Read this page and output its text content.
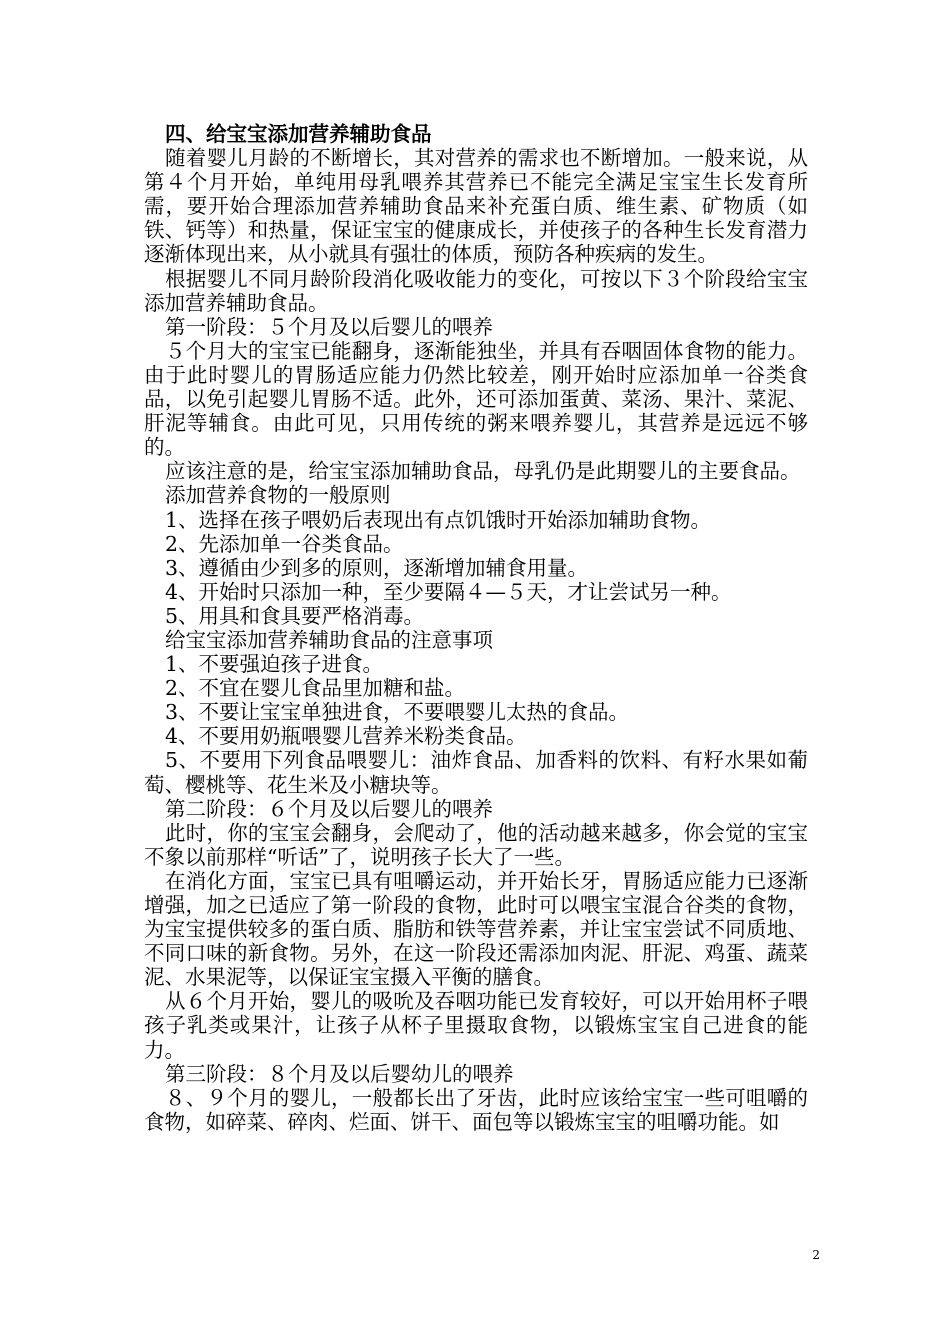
四、给宝宝添加营养辅助食品

随着婴儿月龄的不断增长，其对营养的需求也不断增加。一般来说，从第４个月开始，单纯用母乳喂养其营养已不能完全满足宝宝生长发育所需，要开始合理添加营养辅助食品来补充蛋白质、维生素、矿物质（如铁、钙等）和热量，保证宝宝的健康成长，并使孩子的各种生长发育潜力逐渐体现出来，从小就具有强壮的体质，预防各种疾病的发生。

根据婴儿不同月龄阶段消化吸收能力的变化，可按以下３个阶段给宝宝添加营养辅助食品。

第一阶段：５个月及以后婴儿的喂养

５个月大的宝宝已能翻身，逐渐能独坐，并具有吞咽固体食物的能力。由于此时婴儿的胃肠适应能力仍然比较差，刚开始时应添加单一谷类食品，以免引起婴儿胃肠不适。此外，还可添加蛋黄、菜汤、果汁、菜泥、肝泥等辅食。由此可见，只用传统的粥来喂养婴儿，其营养是远远不够的。

应该注意的是，给宝宝添加辅助食品，母乳仍是此期婴儿的主要食品。

添加营养食物的一般原则

1、选择在孩子喂奶后表现出有点饥饿时开始添加辅助食物。

2、先添加单一谷类食品。

3、遵循由少到多的原则，逐渐增加辅食用量。

4、开始时只添加一种，至少要隔４—５天，才让尝试另一种。

5、用具和食具要严格消毒。

给宝宝添加营养辅助食品的注意事项

1、不要强迫孩子进食。

2、不宜在婴儿食品里加糖和盐。

3、不要让宝宝单独进食，不要喂婴儿太热的食品。

4、不要用奶瓶喂婴儿营养米粉类食品。

5、不要用下列食品喂婴儿：油炸食品、加香料的饮料、有籽水果如葡萄、樱桃等、花生米及小糖块等。

第二阶段：６个月及以后婴儿的喂养

此时，你的宝宝会翻身，会爬动了，他的活动越来越多，你会觉的宝宝不象以前那样“听话”了，说明孩子长大了一些。

在消化方面，宝宝已具有咀嚼运动，并开始长牙，胃肠适应能力已逐渐增强，加之已适应了第一阶段的食物，此时可以喂宝宝混合谷类的食物，为宝宝提供较多的蛋白质、脂肪和铁等营养素，并让宝宝尝试不同质地、不同口味的新食物。另外，在这一阶段还需添加肉泥、肝泥、鸡蛋、蔬菜泥、水果泥等，以保证宝宝摄入平衡的膳食。

从６个月开始，婴儿的吸吮及吞咽功能已发育较好，可以开始用杯子喂孩子乳类或果汁，让孩子从杯子里摄取食物，以锻炼宝宝自己进食的能力。

第三阶段：８个月及以后婴幼儿的喂养

８、９个月的婴儿，一般都长出了牙齿，此时应该给宝宝一些可咀嚼的食物，如碎菜、碎肉、烂面、饼干、面包等以锻炼宝宝的咀嚼功能。如

2
